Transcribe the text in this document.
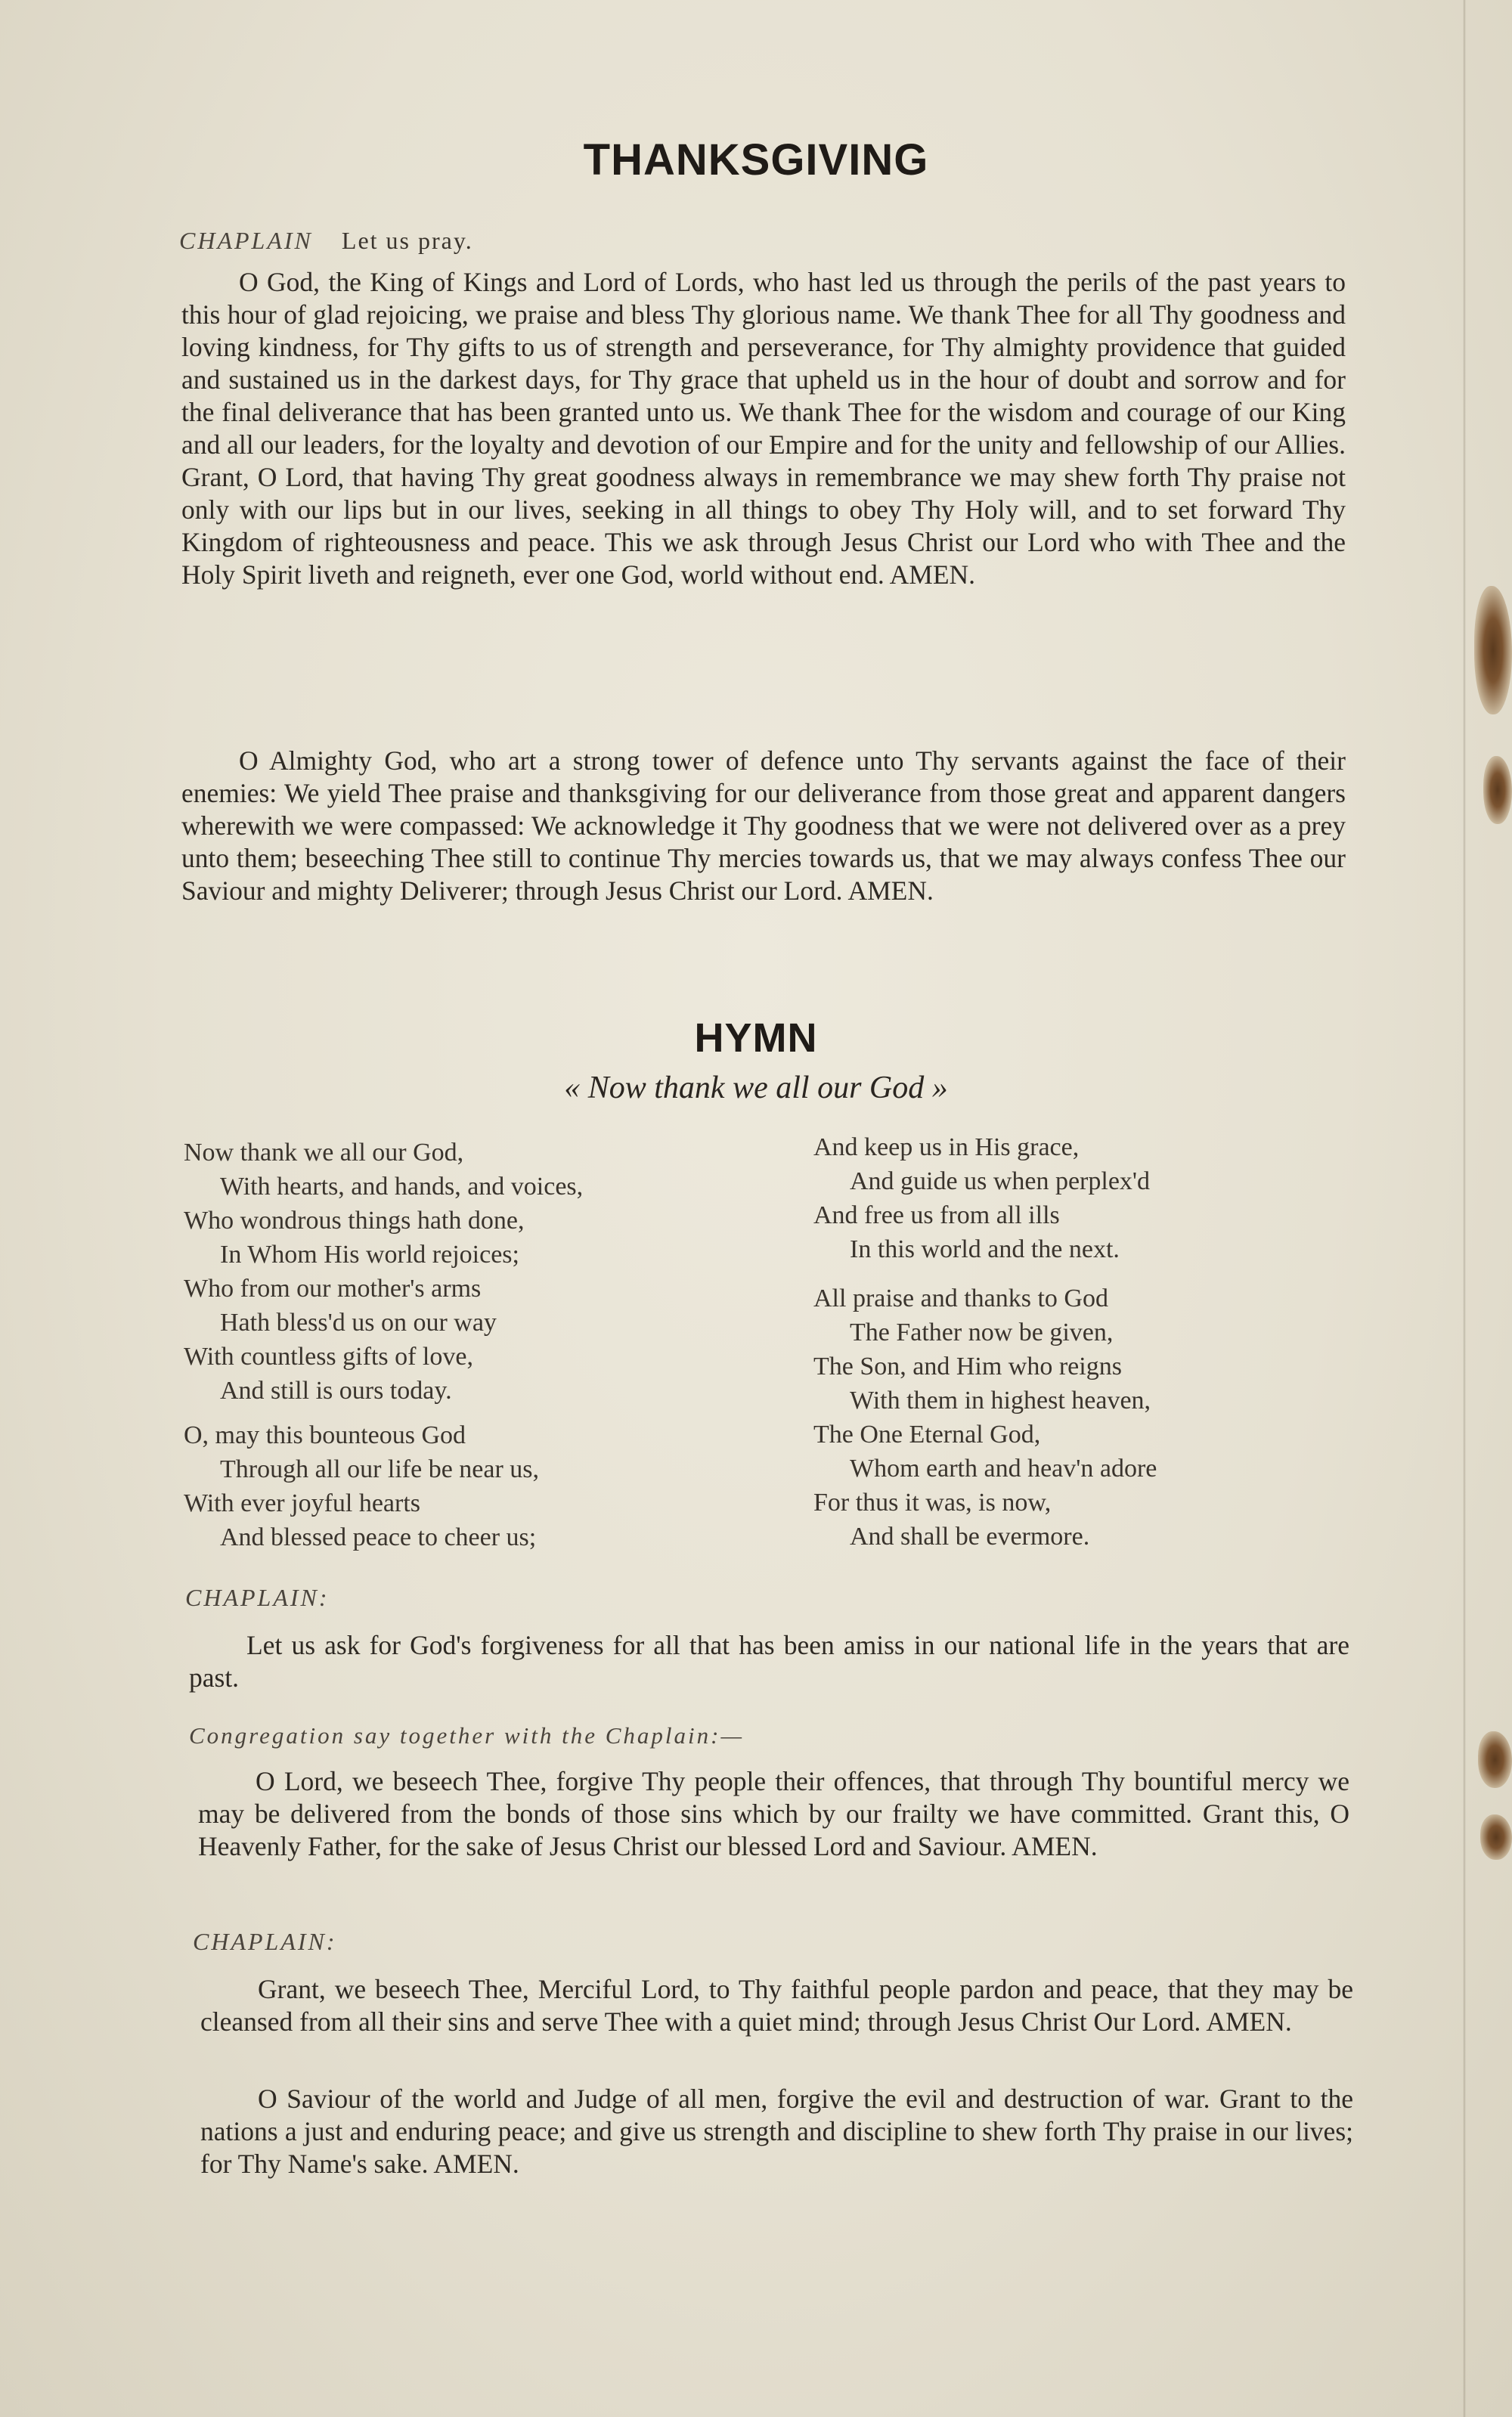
THANKSGIVING
CHAPLAIN Let us pray.

O God, the King of Kings and Lord of Lords, who hast led us through the perils of the past years to this hour of glad rejoicing, we praise and bless Thy glorious name. We thank Thee for all Thy goodness and loving kindness, for Thy gifts to us of strength and perseverance, for Thy almighty providence that guided and sustained us in the darkest days, for Thy grace that upheld us in the hour of doubt and sorrow and for the final deliverance that has been granted unto us. We thank Thee for the wisdom and courage of our King and all our leaders, for the loyalty and devotion of our Empire and for the unity and fellowship of our Allies. Grant, O Lord, that having Thy great goodness always in remembrance we may shew forth Thy praise not only with our lips but in our lives, seeking in all things to obey Thy Holy will, and to set forward Thy Kingdom of righteousness and peace. This we ask through Jesus Christ our Lord who with Thee and the Holy Spirit liveth and reigneth, ever one God, world without end. AMEN.

O Almighty God, who art a strong tower of defence unto Thy servants against the face of their enemies: We yield Thee praise and thanksgiving for our deliverance from those great and apparent dangers wherewith we were compassed: We acknowledge it Thy goodness that we were not delivered over as a prey unto them; beseeching Thee still to continue Thy mercies towards us, that we may always confess Thee our Saviour and mighty Deliverer; through Jesus Christ our Lord. AMEN.

HYMN
« Now thank we all our God »
Now thank we all our God,
With hearts, and hands, and voices,
Who wondrous things hath done,
In Whom His world rejoices;
Who from our mother's arms
Hath bless'd us on our way
With countless gifts of love,
And still is ours today.
O, may this bounteous God
Through all our life be near us,
With ever joyful hearts
And blessed peace to cheer us;
And keep us in His grace,
And guide us when perplex'd
And free us from all ills
In this world and the next.
All praise and thanks to God
The Father now be given,
The Son, and Him who reigns
With them in highest heaven,
The One Eternal God,
Whom earth and heav'n adore
For thus it was, is now,
And shall be evermore.
CHAPLAIN:

Let us ask for God's forgiveness for all that has been amiss in our national life in the years that are past.

Congregation say together with the Chaplain:—

O Lord, we beseech Thee, forgive Thy people their offences, that through Thy bountiful mercy we may be delivered from the bonds of those sins which by our frailty we have committed. Grant this, O Heavenly Father, for the sake of Jesus Christ our blessed Lord and Saviour. AMEN.

CHAPLAIN:

Grant, we beseech Thee, Merciful Lord, to Thy faithful people pardon and peace, that they may be cleansed from all their sins and serve Thee with a quiet mind; through Jesus Christ Our Lord. AMEN.

O Saviour of the world and Judge of all men, forgive the evil and destruction of war. Grant to the nations a just and enduring peace; and give us strength and discipline to shew forth Thy praise in our lives; for Thy Name's sake. AMEN.
